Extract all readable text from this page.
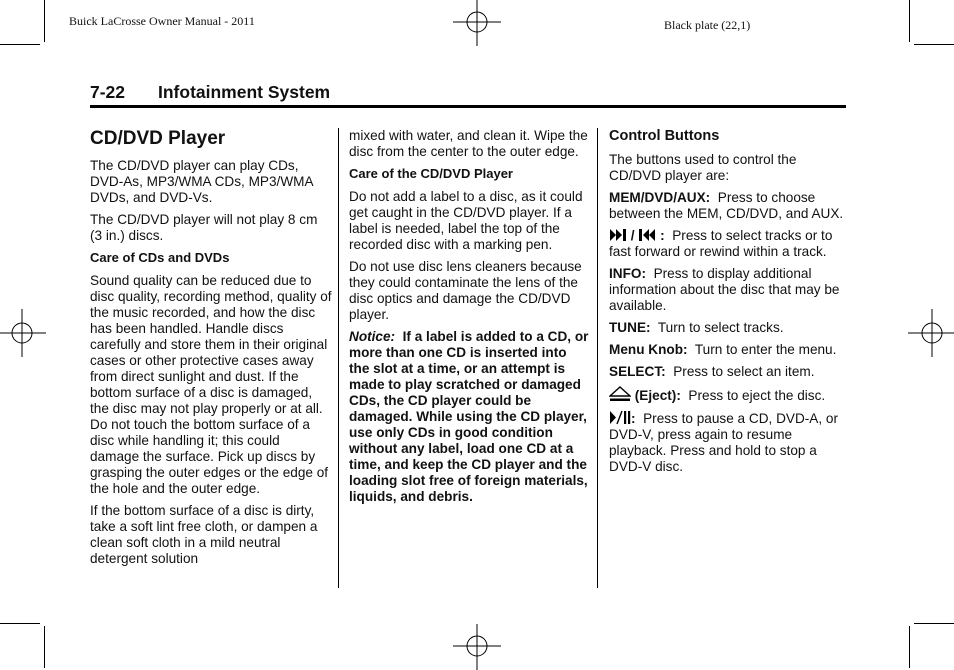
Buick LaCrosse Owner Manual - 2011	Black plate (22,1)
7-22 Infotainment System
CD/DVD Player

The CD/DVD player can play CDs, DVD-As, MP3/WMA CDs, MP3/WMA DVDs, and DVD-Vs.

The CD/DVD player will not play 8 cm (3 in.) discs.

Care of CDs and DVDs

Sound quality can be reduced due to disc quality, recording method, quality of the music recorded, and how the disc has been handled. Handle discs carefully and store them in their original cases or other protective cases away from direct sunlight and dust. If the bottom surface of a disc is damaged, the disc may not play properly or at all. Do not touch the bottom surface of a disc while handling it; this could damage the surface. Pick up discs by grasping the outer edges or the edge of the hole and the outer edge.

If the bottom surface of a disc is dirty, take a soft lint free cloth, or dampen a clean soft cloth in a mild neutral detergent solution

mixed with water, and clean it. Wipe the disc from the center to the outer edge.

Care of the CD/DVD Player

Do not add a label to a disc, as it could get caught in the CD/DVD player. If a label is needed, label the top of the recorded disc with a marking pen.

Do not use disc lens cleaners because they could contaminate the lens of the disc optics and damage the CD/DVD player.

Notice: If a label is added to a CD, or more than one CD is inserted into the slot at a time, or an attempt is made to play scratched or damaged CDs, the CD player could be damaged. While using the CD player, use only CDs in good condition without any label, load one CD at a time, and keep the CD player and the loading slot free of foreign materials, liquids, and debris.

Control Buttons

The buttons used to control the CD/DVD player are:

MEM/DVD/AUX: Press to choose between the MEM, CD/DVD, and AUX.

/  : Press to select tracks or to fast forward or rewind within a track.

INFO: Press to display additional information about the disc that may be available.

TUNE: Turn to select tracks.

Menu Knob: Turn to enter the menu.

SELECT: Press to select an item.

(Eject): Press to eject the disc.

: Press to pause a CD, DVD-A, or DVD-V, press again to resume playback. Press and hold to stop a DVD-V disc.
